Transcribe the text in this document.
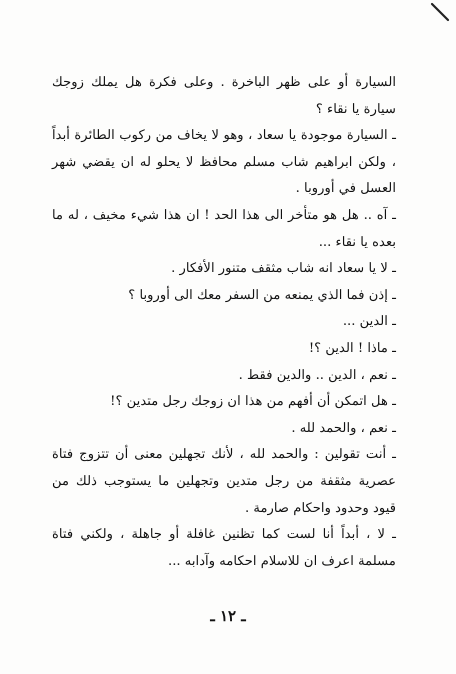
السيارة أو على ظهر الباخرة . وعلى فكرة هل يملك زوجك سيارة يا نقاء ؟

ـ السيارة موجودة يا سعاد ، وهو لا يخاف من ركوب الطائرة أبداً ، ولكن ابراهيم شاب مسلم محافظ لا يحلو له ان يقضي شهر العسل في أوروبا .

ـ آه .. هل هو متأخر الى هذا الحد ! ان هذا شيء مخيف ، له ما بعده يا نقاء ...

ـ لا يا سعاد انه شاب مثقف متنور الأفكار .

ـ إذن فما الذي يمنعه من السفر معك الى أوروبا ؟

ـ الدين ...

ـ ماذا ! الدين ؟!

ـ نعم ، الدين .. والدين فقط .

ـ هل اتمكن أن أفهم من هذا ان زوجك رجل متدين ؟!

ـ نعم ، والحمد لله .

ـ أنت تقولين : والحمد لله ، لأنك تجهلين معنى أن تتزوج فتاة عصرية مثقفة من رجل متدين وتجهلين ما يستوجب ذلك من قيود وحدود واحكام صارمة .

ـ لا ، أبداً أنا لست كما تظنين غافلة أو جاهلة ، ولكني فتاة مسلمة اعرف ان للاسلام احكامه وآدابه ...

ـ ١٢ ـ
